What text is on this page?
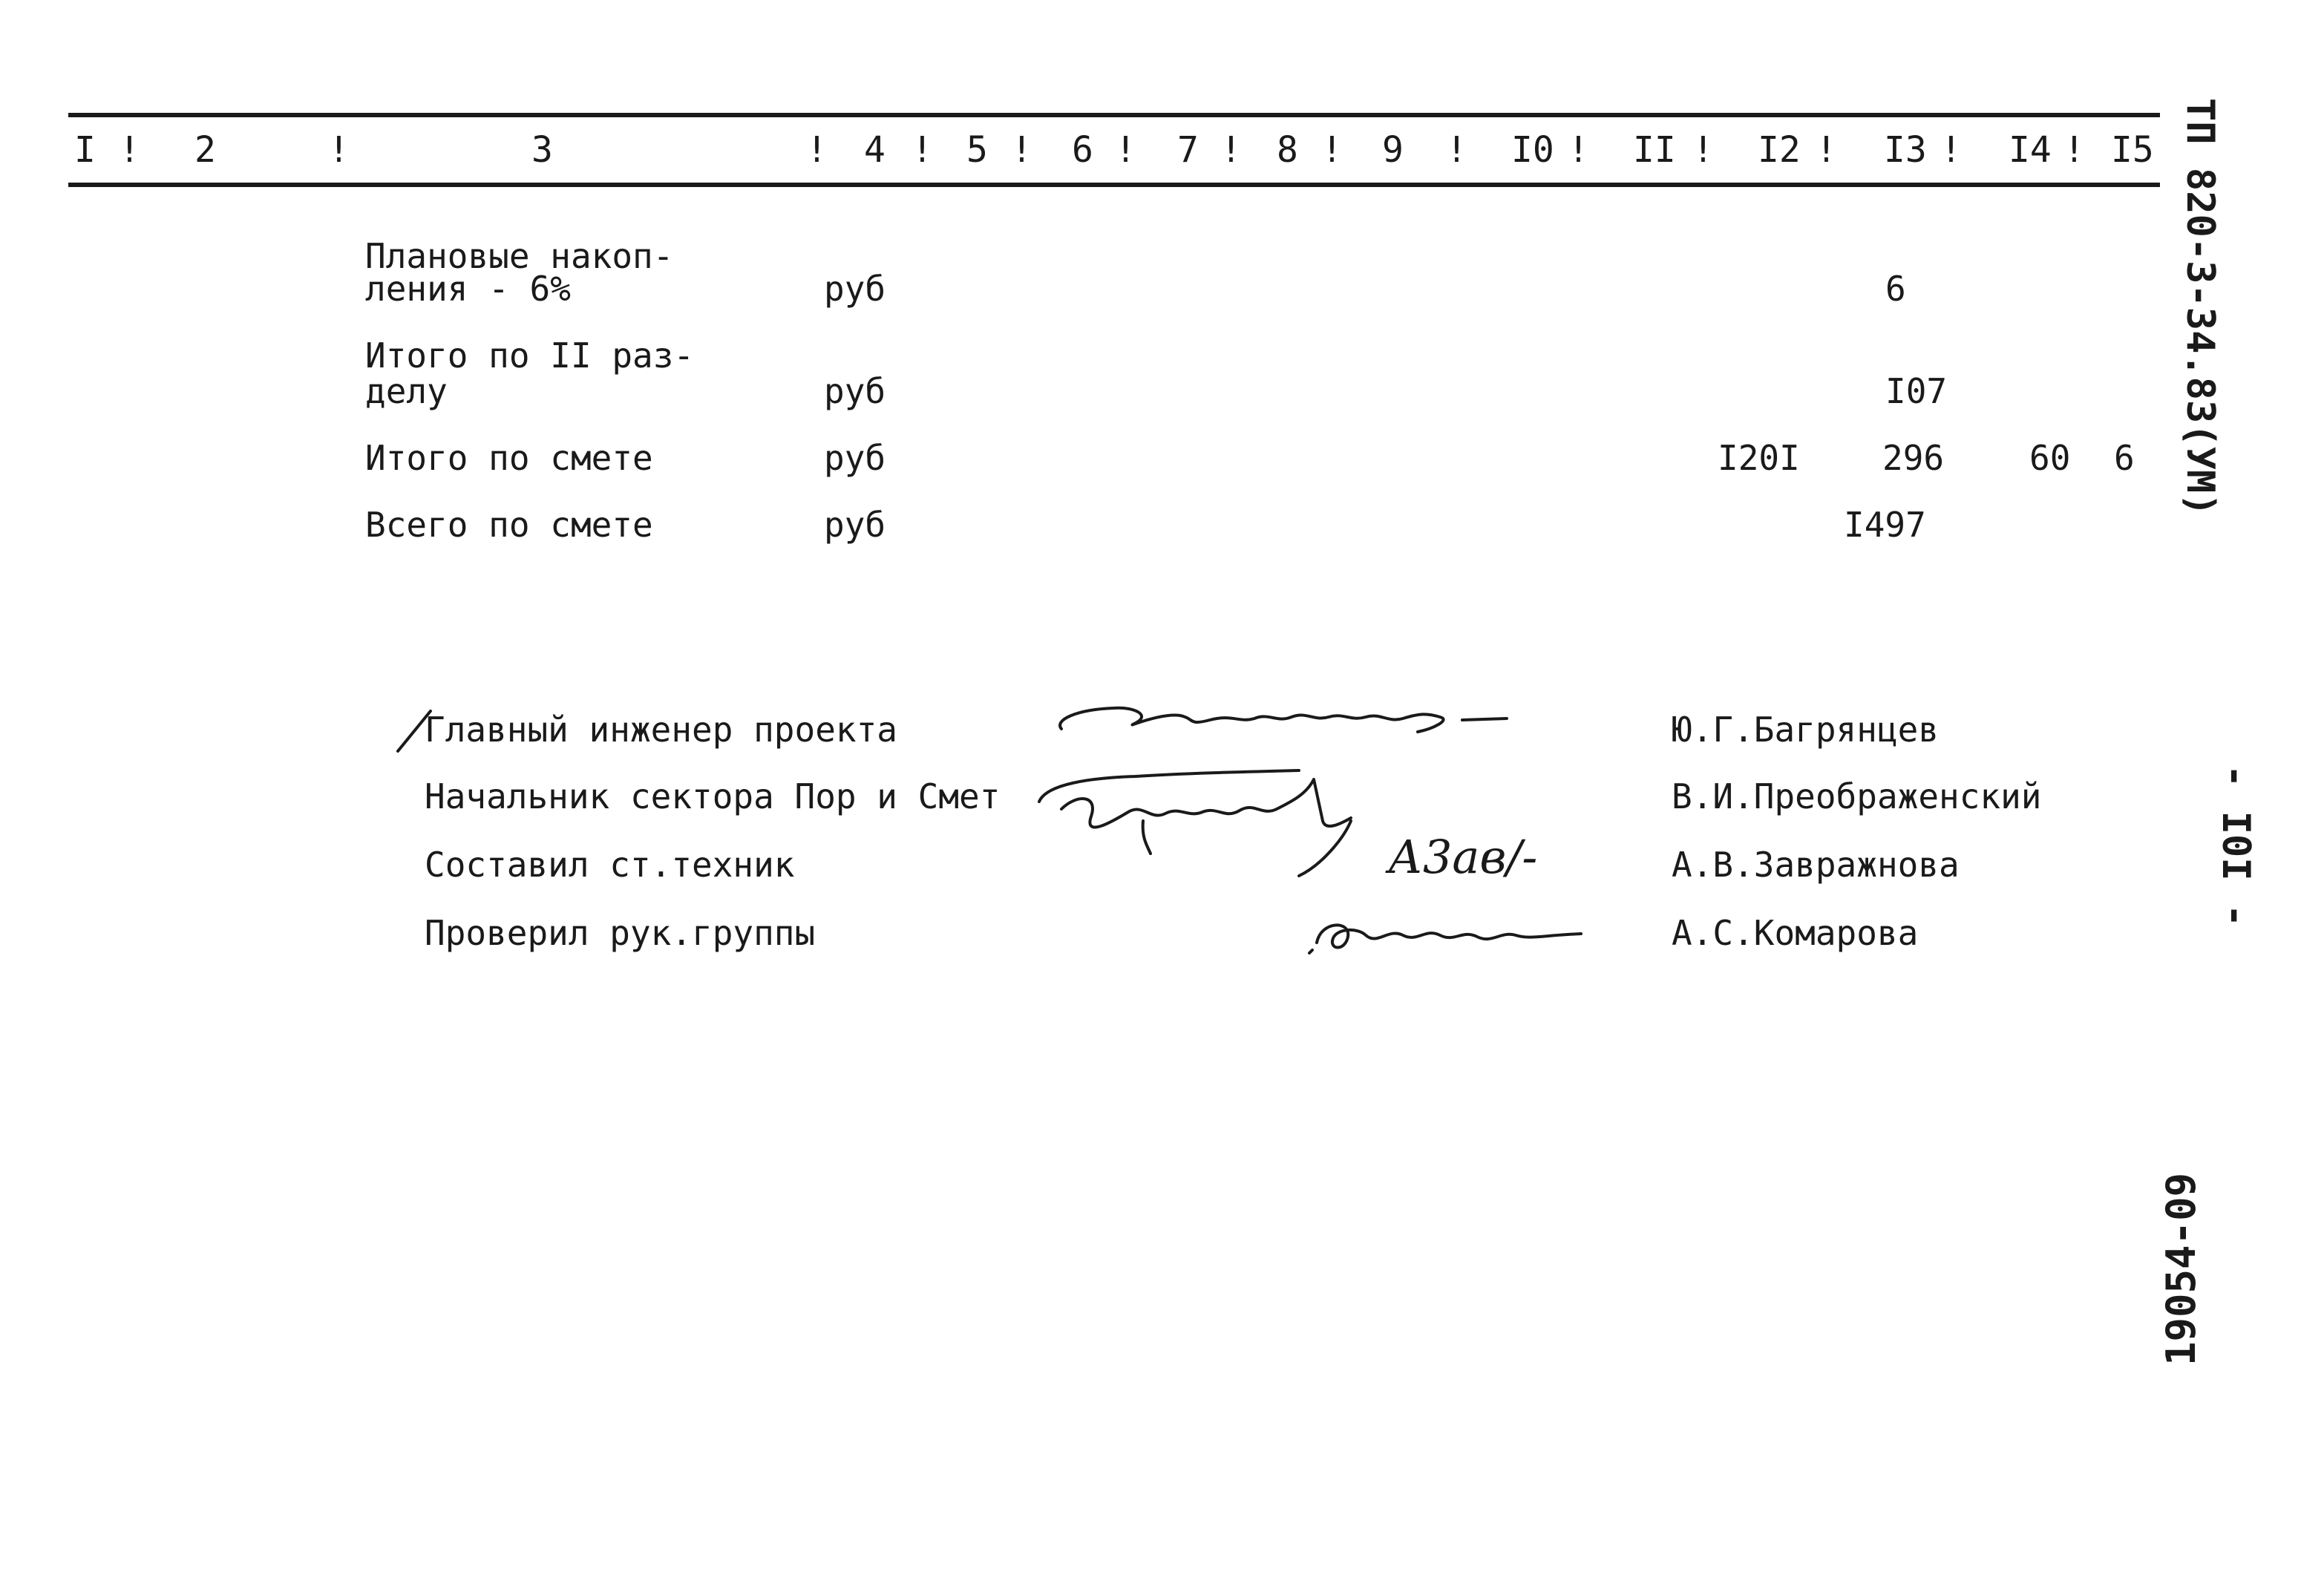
I ! 2	!	3	! 4 ! 5 ! 6 ! 7 ! 8 ! 9 ! I0 ! II ! I2 ! I3 ! I4 ! I5
Плановые накоп-
ления - 6%	руб	6
Итого по II раз-
делу	руб	I07
Итого по смете	руб	I20I 296 60 6
Всего по смете	руб	I497
Главный инженер проекта	Ю.Г.Багрянцев
Начальник сектора Пор и Смет	В.И.Преображенский
Составил ст.техник	А.В.Завражнова
Проверил рук.группы	А.С.Комарова
А3ав/-
ТП 820-3-34.83(УМ)
- I0I -
19054-09
